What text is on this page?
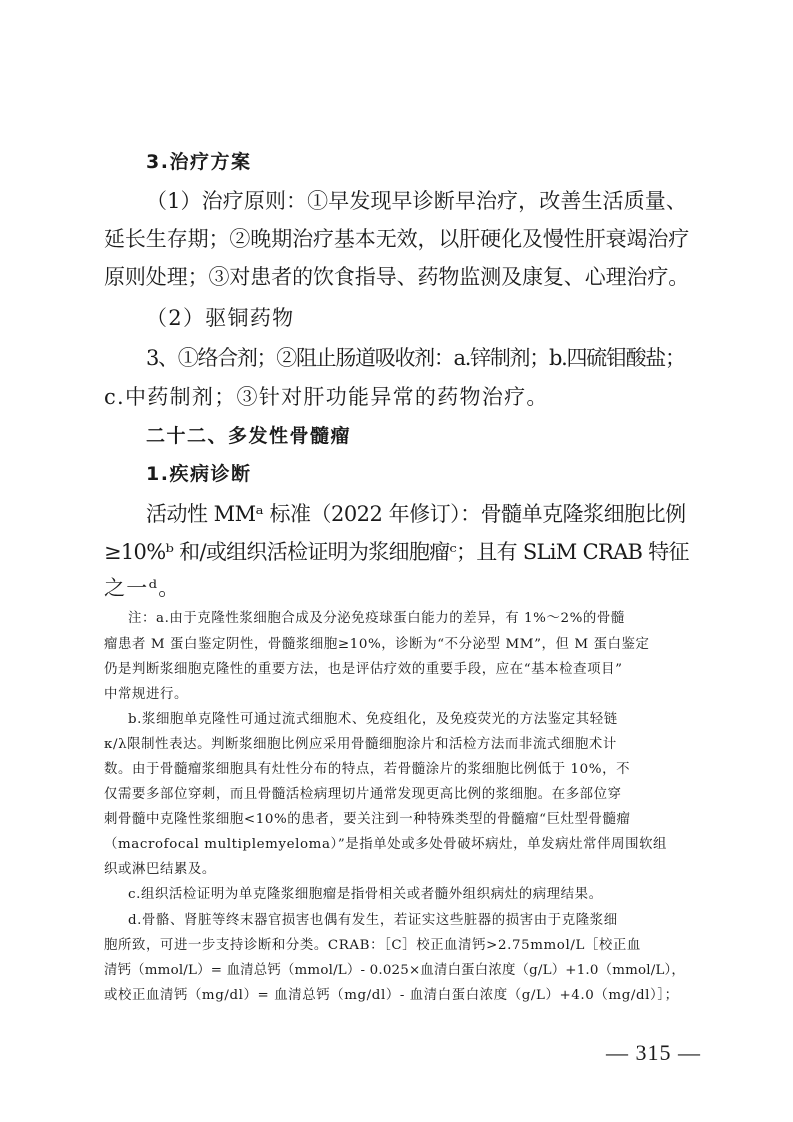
3.治疗方案
（1）治疗原则：①早发现早诊断早治疗，改善生活质量、
延长生存期；②晚期治疗基本无效，以肝硬化及慢性肝衰竭治疗
原则处理；③对患者的饮食指导、药物监测及康复、心理治疗。
（2）驱铜药物
3、①络合剂；②阻止肠道吸收剂：a.锌制剂；b.四硫钼酸盐；
c.中药制剂；③针对肝功能异常的药物治疗。
二十二、多发性骨髓瘤
1.疾病诊断
活动性 MMᵃ 标准（2022 年修订）：骨髓单克隆浆细胞比例
≥10%ᵇ 和/或组织活检证明为浆细胞瘤ᶜ；且有 SLiM CRAB 特征
之一ᵈ。
注：a.由于克隆性浆细胞合成及分泌免疫球蛋白能力的差异，有 1%～2%的骨髓
瘤患者 M 蛋白鉴定阴性，骨髓浆细胞≥10%，诊断为“不分泌型 MM”，但 M 蛋白鉴定
仍是判断浆细胞克隆性的重要方法，也是评估疗效的重要手段，应在“基本检查项目”
中常规进行。
b.浆细胞单克隆性可通过流式细胞术、免疫组化，及免疫荧光的方法鉴定其轻链
κ/λ限制性表达。判断浆细胞比例应采用骨髓细胞涂片和活检方法而非流式细胞术计
数。由于骨髓瘤浆细胞具有灶性分布的特点，若骨髓涂片的浆细胞比例低于 10%，不
仅需要多部位穿刺，而且骨髓活检病理切片通常发现更高比例的浆细胞。在多部位穿
刺骨髓中克隆性浆细胞<10%的患者，要关注到一种特殊类型的骨髓瘤“巨灶型骨髓瘤
（macrofocal multiplemyeloma）”是指单处或多处骨破坏病灶，单发病灶常伴周围软组
织或淋巴结累及。
c.组织活检证明为单克隆浆细胞瘤是指骨相关或者髓外组织病灶的病理结果。
d.骨骼、肾脏等终末器官损害也偶有发生，若证实这些脏器的损害由于克隆浆细
胞所致，可进一步支持诊断和分类。CRAB：［C］校正血清钙>2.75mmol/L［校正血
清钙（mmol/L）= 血清总钙（mmol/L）- 0.025×血清白蛋白浓度（g/L）+1.0（mmol/L），
或校正血清钙（mg/dl）= 血清总钙（mg/dl）- 血清白蛋白浓度（g/L）+4.0（mg/dl）］；
— 315 —
